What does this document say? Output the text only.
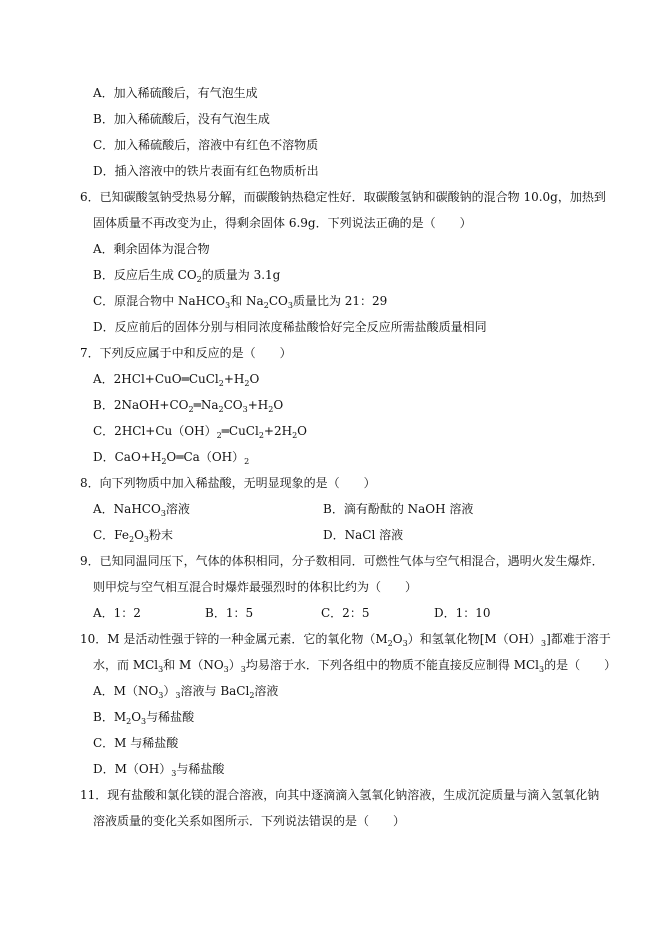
A．加入稀硫酸后，有气泡生成
B．加入稀硫酸后，没有气泡生成
C．加入稀硫酸后，溶液中有红色不溶物质
D．插入溶液中的铁片表面有红色物质析出
6．已知碳酸氢钠受热易分解，而碳酸钠热稳定性好．取碳酸氢钠和碳酸钠的混合物 10.0g，加热到
固体质量不再改变为止，得剩余固体 6.9g．下列说法正确的是（　　）
A．剩余固体为混合物
B．反应后生成 $CO_2$的质量为 3.1g
C．原混合物中 NaHCO$_3$和 $Na_2CO_3$质量比为 21：29
D．反应前后的固体分别与相同浓度稀盐酸恰好完全反应所需盐酸质量相同
7．下列反应属于中和反应的是（　　）
A．$2HCl+CuO═CuCl_2+H_2O$
B．$2NaOH+CO_2═Na_2CO_3+H_2O$
C．$2HCl+Cu(OH)_2═CuCl_2+2H_2O$
D．$CaO+H_2O═Ca(OH)_2$
8．向下列物质中加入稀盐酸，无明显现象的是（　　）
A．NaHCO$_3$溶液	B．滴有酚酞的 NaOH 溶液
C．$Fe_2O_3$粉末	D．NaCl 溶液
9．已知同温同压下，气体的体积相同，分子数相同．可燃性气体与空气相混合，遇明火发生爆炸．
则甲烷与空气相互混合时爆炸最强烈时的体积比约为（　　）
A．1：2	B．1：5	C．2：5	D．1：10
10．M 是活动性强于锌的一种金属元素．它的氧化物$(M_2O_3)$和氢氧化物$[M(OH)_3]$都难于溶于
水，而 MCl$_3$和 $M(NO_3)_3$均易溶于水．下列各组中的物质不能直接反应制得 MCl$_3$的是（　　）
A．$M(NO_3)_3$溶液与 BaCl$_2$溶液
B．$M_2O_3$与稀盐酸
C．M 与稀盐酸
D．$M(OH)_3$与稀盐酸
11．现有盐酸和氯化镁的混合溶液，向其中逐滴滴入氢氧化钠溶液，生成沉淀质量与滴入氢氧化钠
溶液质量的变化关系如图所示．下列说法错误的是（　　）
